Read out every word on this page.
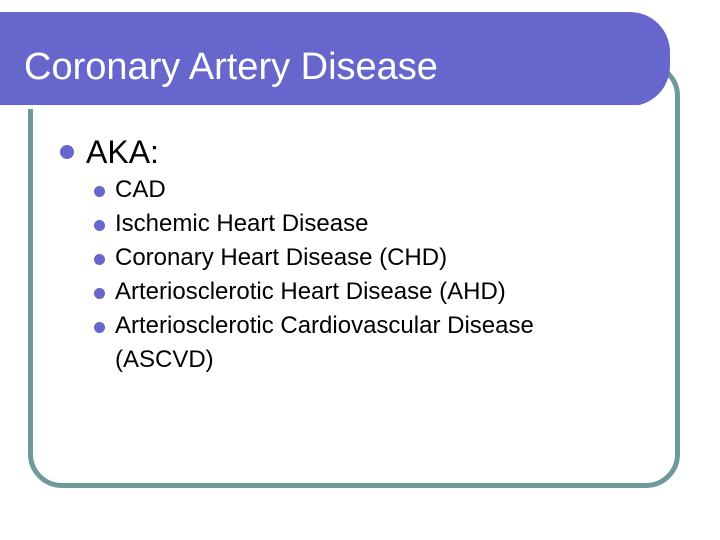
Coronary Artery Disease
AKA:
CAD
Ischemic Heart Disease
Coronary Heart Disease (CHD)
Arteriosclerotic Heart Disease (AHD)
Arteriosclerotic Cardiovascular Disease (ASCVD)
